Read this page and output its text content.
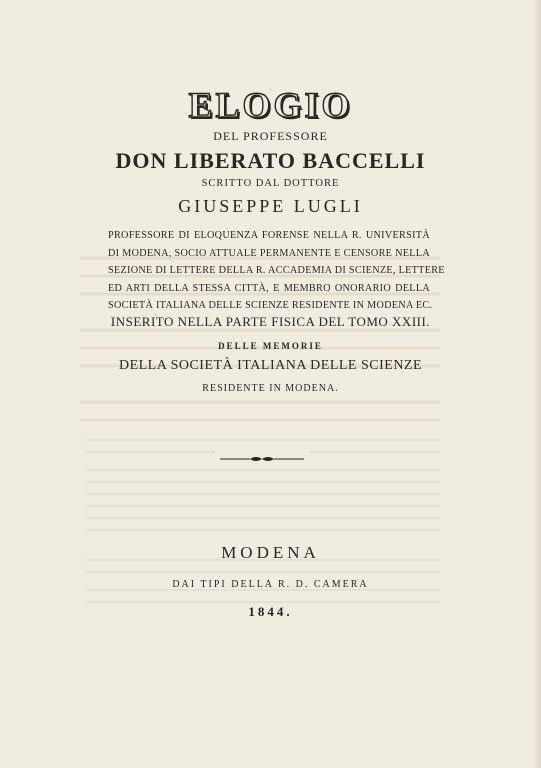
ELOGIO
DEL PROFESSORE
DON LIBERATO BACCELLI
SCRITTO DAL DOTTORE
GIUSEPPE LUGLI
PROFESSORE DI ELOQUENZA FORENSE NELLA R. UNIVERSITÀ
DI MODENA, SOCIO ATTUALE PERMANENTE E CENSORE NELLA
SEZIONE DI LETTERE DELLA R. ACCADEMIA DI SCIENZE, LETTERE
ED ARTI DELLA STESSA CITTÀ, E MEMBRO ONORARIO DELLA
SOCIETÀ ITALIANA DELLE SCIENZE RESIDENTE IN MODENA EC.
INSERITO NELLA PARTE FISICA DEL TOMO XXIII.
DELLE MEMORIE
DELLA SOCIETÀ ITALIANA DELLE SCIENZE
RESIDENTE IN MODENA.
MODENA
DAI TIPI DELLA R. D. CAMERA
1844.
